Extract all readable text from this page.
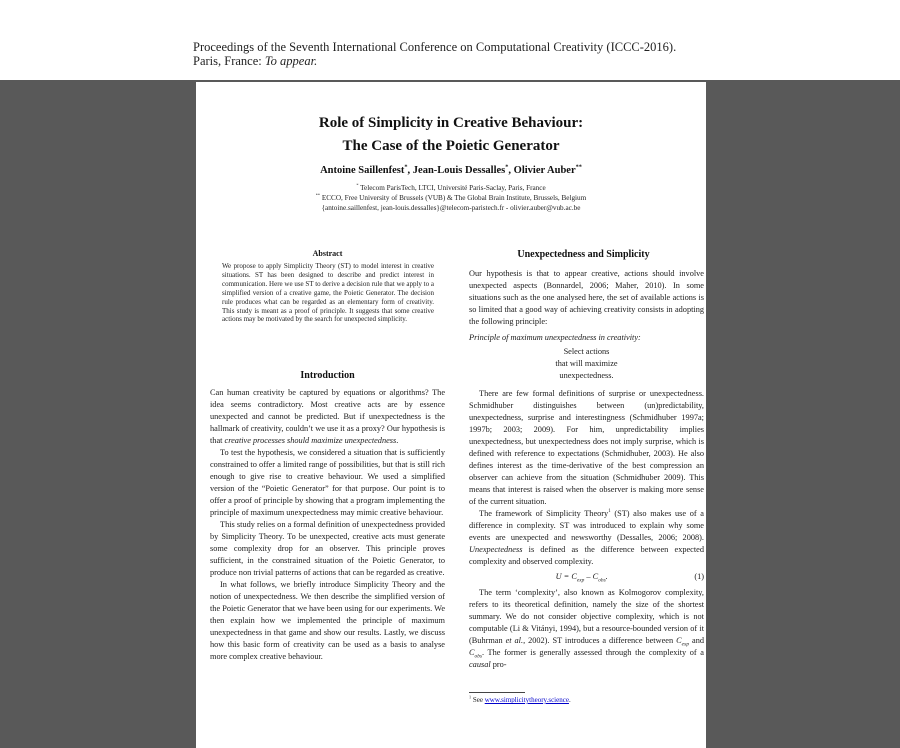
Proceedings of the Seventh International Conference on Computational Creativity (ICCC-2016).
Paris, France: To appear.
Role of Simplicity in Creative Behaviour:
The Case of the Poietic Generator
Antoine Saillenfest*, Jean-Louis Dessalles*, Olivier Auber**
* Telecom ParisTech, LTCI, Université Paris-Saclay, Paris, France
** ECCO, Free University of Brussels (VUB) & The Global Brain Institute, Brussels, Belgium
{antoine.saillenfest, jean-louis.dessalles}@telecom-paristech.fr - olivier.auber@vub.ac.be
Abstract
We propose to apply Simplicity Theory (ST) to model interest in creative situations. ST has been designed to describe and predict interest in communication. Here we use ST to derive a decision rule that we apply to a simplified version of a creative game, the Poietic Generator. The decision rule produces what can be regarded as an elementary form of creativity. This study is meant as a proof of principle. It suggests that some creative actions may be motivated by the search for unexpected simplicity.
Introduction

Can human creativity be captured by equations or algorithms? The idea seems contradictory. Most creative acts are by essence unexpected and cannot be predicted. But if unexpectedness is the hallmark of creativity, couldn’t we use it as a proxy? Our hypothesis is that creative processes should maximize unexpectedness.

To test the hypothesis, we considered a situation that is sufficiently constrained to offer a limited range of possibilities, but that is still rich enough to give rise to creative behaviour. We used a simplified version of the “Poietic Generator” for that purpose. Our point is to offer a proof of principle by showing that a program implementing the principle of maximum unexpectedness may mimic creative behaviour.

This study relies on a formal definition of unexpectedness provided by Simplicity Theory. To be unexpected, creative acts must generate some complexity drop for an observer. This principle proves sufficient, in the constrained situation of the Poietic Generator, to produce non trivial patterns of actions that can be regarded as creative.

In what follows, we briefly introduce Simplicity Theory and the notion of unexpectedness. We then describe the simplified version of the Poietic Generator that we have been using for our experiments. We then explain how we implemented the principle of maximum unexpectedness in that game and show our results. Lastly, we discuss how this basic form of creativity can be used as a basis to analyse more complex creative behaviour.

Unexpectedness and Simplicity

Our hypothesis is that to appear creative, actions should involve unexpected aspects (Bonnardel, 2006; Maher, 2010). In some situations such as the one analysed here, the set of available actions is so limited that a good way of achieving creativity consists in adopting the following principle:

Principle of maximum unexpectedness in creativity:

Select actions
that will maximize
unexpectedness.

There are few formal definitions of surprise or unexpectedness. Schmidhuber distinguishes between (un)predictability, unexpectedness, surprise and interestingness (Schmidhuber 1997a; 1997b; 2003; 2009). For him, unpredictability implies unexpectedness, but unexpectedness does not imply surprise, which is defined with reference to expectations (Schmidhuber, 2003). He also defines interest as the time-derivative of the best compression an observer can achieve from the situation (Schmidhuber 2009). This means that interest is raised when the observer is making more sense of the current situation.

The framework of Simplicity Theory$^1$ (ST) also makes use of a difference in complexity. ST was introduced to explain why some events are unexpected and newsworthy (Dessalles, 2006; 2008). Unexpectedness is defined as the difference between expected complexity and observed complexity.

$U = C_{exp} - C_{obs}$.	(1)

The term ‘complexity’, also known as Kolmogorov complexity, refers to its theoretical definition, namely the size of the shortest summary. We do not consider objective complexity, which is not computable (Li & Vitányi, 1994), but a resource-bounded version of it (Buhrman et al., 2002). ST introduces a difference between $C_{exp}$ and $C_{obs}$. The former is generally assessed through the complexity of a causal pro-

$^1$ See www.simplicitytheory.science.
